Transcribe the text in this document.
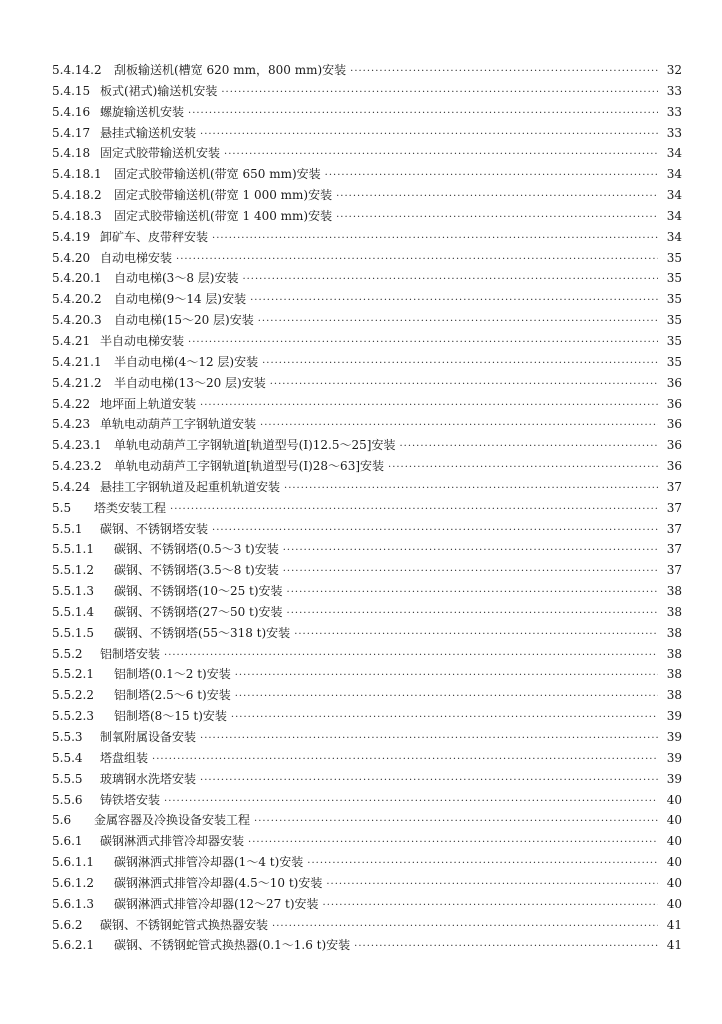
5.4.14.2	刮板输送机(槽宽 620 mm，800 mm)安装 ·····	32
5.4.15 板式(裙式)输送机安装 ·····	33
5.4.16 螺旋输送机安装 ·····	33
5.4.17 悬挂式输送机安装 ·····	33
5.4.18 固定式胶带输送机安装 ·····	34
5.4.18.1	固定式胶带输送机(带宽 650 mm)安装 ·····	34
5.4.18.2	固定式胶带输送机(带宽 1 000 mm)安装 ·····	34
5.4.18.3	固定式胶带输送机(带宽 1 400 mm)安装 ·····	34
5.4.19 卸矿车、皮带秤安装 ·····	34
5.4.20 自动电梯安装 ·····	35
5.4.20.1	自动电梯(3～8 层)安装 ·····	35
5.4.20.2	自动电梯(9～14 层)安装 ·····	35
5.4.20.3	自动电梯(15～20 层)安装 ·····	35
5.4.21 半自动电梯安装 ·····	35
5.4.21.1	半自动电梯(4～12 层)安装 ·····	35
5.4.21.2	半自动电梯(13～20 层)安装 ·····	36
5.4.22 地坪面上轨道安装 ·····	36
5.4.23 单轨电动葫芦工字钢轨道安装 ·····	36
5.4.23.1	单轨电动葫芦工字钢轨道[轨道型号(Ⅰ)12.5～25]安装 ·····	36
5.4.23.2	单轨电动葫芦工字钢轨道[轨道型号(Ⅰ)28～63]安装 ·····	36
5.4.24 悬挂工字钢轨道及起重机轨道安装 ·····	37
5.5	塔类安装工程 ·····	37
5.5.1	碳钢、不锈钢塔安装 ·····	37
5.5.1.1	碳钢、不锈钢塔(0.5～3 t)安装 ·····	37
5.5.1.2	碳钢、不锈钢塔(3.5～8 t)安装 ·····	37
5.5.1.3	碳钢、不锈钢塔(10～25 t)安装 ·····	38
5.5.1.4	碳钢、不锈钢塔(27～50 t)安装 ·····	38
5.5.1.5	碳钢、不锈钢塔(55～318 t)安装 ·····	38
5.5.2	铝制塔安装 ·····	38
5.5.2.1	铝制塔(0.1～2 t)安装 ·····	38
5.5.2.2	铝制塔(2.5～6 t)安装 ·····	38
5.5.2.3	铝制塔(8～15 t)安装 ·····	39
5.5.3	制氧附属设备安装 ·····	39
5.5.4	塔盘组装 ·····	39
5.5.5	玻璃钢水洗塔安装 ·····	39
5.5.6	铸铁塔安装 ·····	40
5.6	金属容器及冷换设备安装工程 ·····	40
5.6.1	碳钢淋洒式排管冷却器安装 ·····	40
5.6.1.1	碳钢淋洒式排管冷却器(1～4 t)安装 ·····	40
5.6.1.2	碳钢淋洒式排管冷却器(4.5～10 t)安装 ·····	40
5.6.1.3	碳钢淋洒式排管冷却器(12～27 t)安装 ·····	40
5.6.2	碳钢、不锈钢蛇管式换热器安装 ·····	41
5.6.2.1	碳钢、不锈钢蛇管式换热器(0.1～1.6 t)安装 ·····	41
